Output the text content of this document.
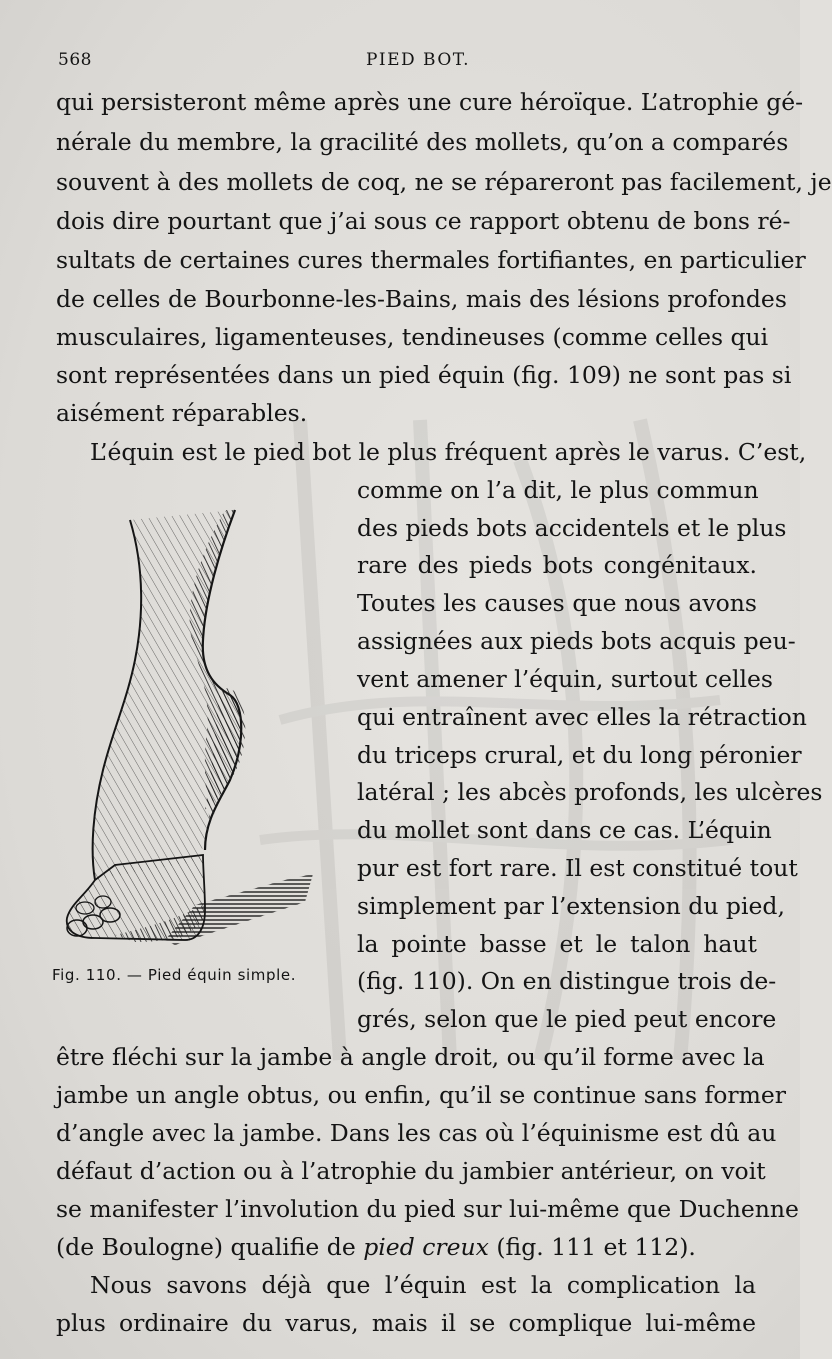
568	PIED BOT.
qui persisteront même après une cure héroïque. L’atrophie gé-
nérale du membre, la gracilité des mollets, qu’on a comparés
souvent à des mollets de coq, ne se répareront pas facilement, je
dois dire pourtant que j’ai sous ce rapport obtenu de bons ré-
sultats de certaines cures thermales fortifiantes, en particulier
de celles de Bourbonne-les-Bains, mais des lésions profondes
musculaires, ligamenteuses, tendineuses (comme celles qui
sont représentées dans un pied équin (fig. 109) ne sont pas si
aisément réparables.
L’équin est le pied bot le plus fréquent après le varus. C’est,
comme on l’a dit, le plus commun
des pieds bots accidentels et le plus
rare des pieds bots congénitaux.
Toutes les causes que nous avons
assignées aux pieds bots acquis peu-
vent amener l’équin, surtout celles
qui entraînent avec elles la rétraction
du triceps crural, et du long péronier
latéral ; les abcès profonds, les ulcères
du mollet sont dans ce cas. L’équin
pur est fort rare. Il est constitué tout
simplement par l’extension du pied,
la pointe basse et le talon haut
(fig. 110). On en distingue trois de-
grés, selon que le pied peut encore
être fléchi sur la jambe à angle droit, ou qu’il forme avec la
jambe un angle obtus, ou enfin, qu’il se continue sans former
d’angle avec la jambe. Dans les cas où l’équinisme est dû au
défaut d’action ou à l’atrophie du jambier antérieur, on voit
se manifester l’involution du pied sur lui-même que Duchenne
(de Boulogne) qualifie de pied creux (fig. 111 et 112).
Nous savons déjà que l’équin est la complication la
plus ordinaire du varus, mais il se complique lui-même
Fig. 110. — Pied équin simple.
